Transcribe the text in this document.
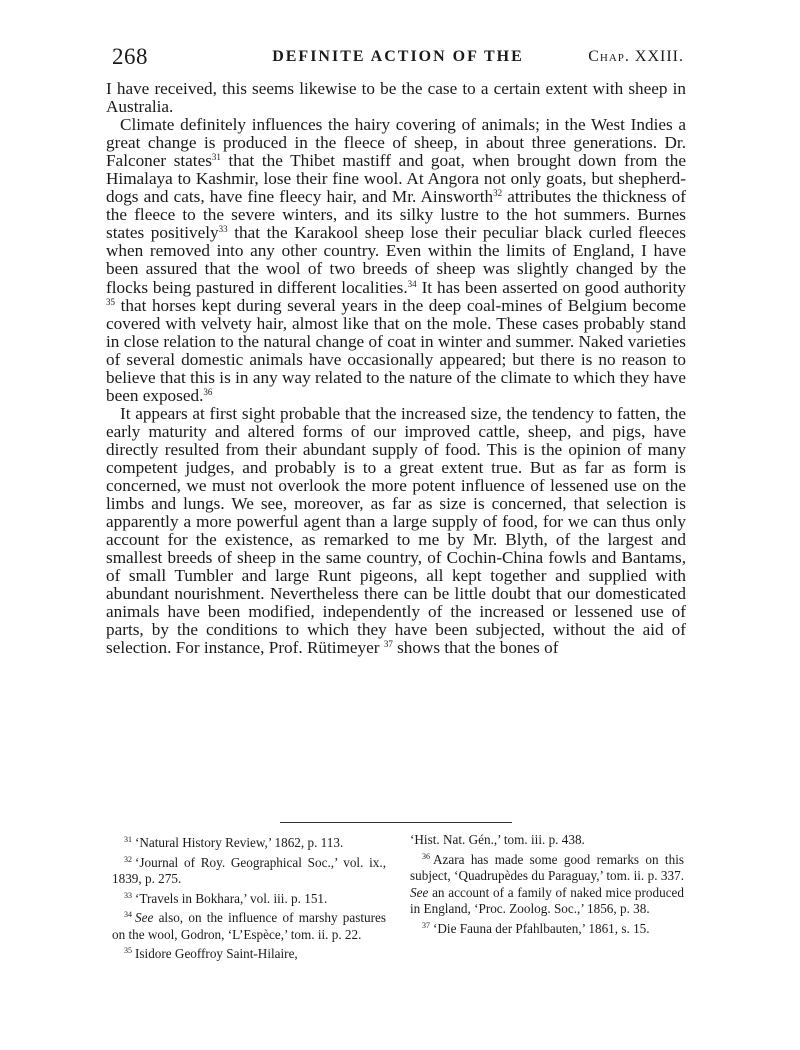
268	DEFINITE ACTION OF THE	Chap. XXIII.

I have received, this seems likewise to be the case to a certain extent with sheep in Australia.

Climate definitely influences the hairy covering of animals; in the West Indies a great change is produced in the fleece of sheep, in about three generations. Dr. Falconer states$^{31}$ that the Thibet mastiff and goat, when brought down from the Himalaya to Kashmir, lose their fine wool. At Angora not only goats, but shepherd-dogs and cats, have fine fleecy hair, and Mr. Ainsworth$^{32}$ attributes the thickness of the fleece to the severe winters, and its silky lustre to the hot summers. Burnes states positively$^{33}$ that the Karakool sheep lose their peculiar black curled fleeces when removed into any other country. Even within the limits of England, I have been assured that the wool of two breeds of sheep was slightly changed by the flocks being pastured in different localities.$^{34}$ It has been asserted on good authority $^{35}$ that horses kept during several years in the deep coal-mines of Belgium become covered with velvety hair, almost like that on the mole. These cases probably stand in close relation to the natural change of coat in winter and summer. Naked varieties of several domestic animals have occasionally appeared; but there is no reason to believe that this is in any way related to the nature of the climate to which they have been exposed.$^{36}$

It appears at first sight probable that the increased size, the tendency to fatten, the early maturity and altered forms of our improved cattle, sheep, and pigs, have directly resulted from their abundant supply of food. This is the opinion of many competent judges, and probably is to a great extent true. But as far as form is concerned, we must not overlook the more potent influence of lessened use on the limbs and lungs. We see, moreover, as far as size is concerned, that selection is apparently a more powerful agent than a large supply of food, for we can thus only account for the existence, as remarked to me by Mr. Blyth, of the largest and smallest breeds of sheep in the same country, of Cochin-China fowls and Bantams, of small Tumbler and large Runt pigeons, all kept together and supplied with abundant nourishment. Nevertheless there can be little doubt that our domesticated animals have been modified, independently of the increased or lessened use of parts, by the conditions to which they have been subjected, without the aid of selection. For instance, Prof. Rütimeyer $^{37}$ shows that the bones of

$^{31}$ ‘Natural History Review,’ 1862, p. 113.

$^{32}$ ‘Journal of Roy. Geographical Soc.,’ vol. ix., 1839, p. 275.

$^{33}$ ‘Travels in Bokhara,’ vol. iii. p. 151.

$^{34}$ See also, on the influence of marshy pastures on the wool, Godron, ‘L’Espèce,’ tom. ii. p. 22.

$^{35}$ Isidore Geoffroy Saint-Hilaire,

‘Hist. Nat. Gén.,’ tom. iii. p. 438.

$^{36}$ Azara has made some good remarks on this subject, ‘Quadrupèdes du Paraguay,’ tom. ii. p. 337. See an account of a family of naked mice produced in England, ‘Proc. Zoolog. Soc.,’ 1856, p. 38.

$^{37}$ ‘Die Fauna der Pfahlbauten,’ 1861, s. 15.
